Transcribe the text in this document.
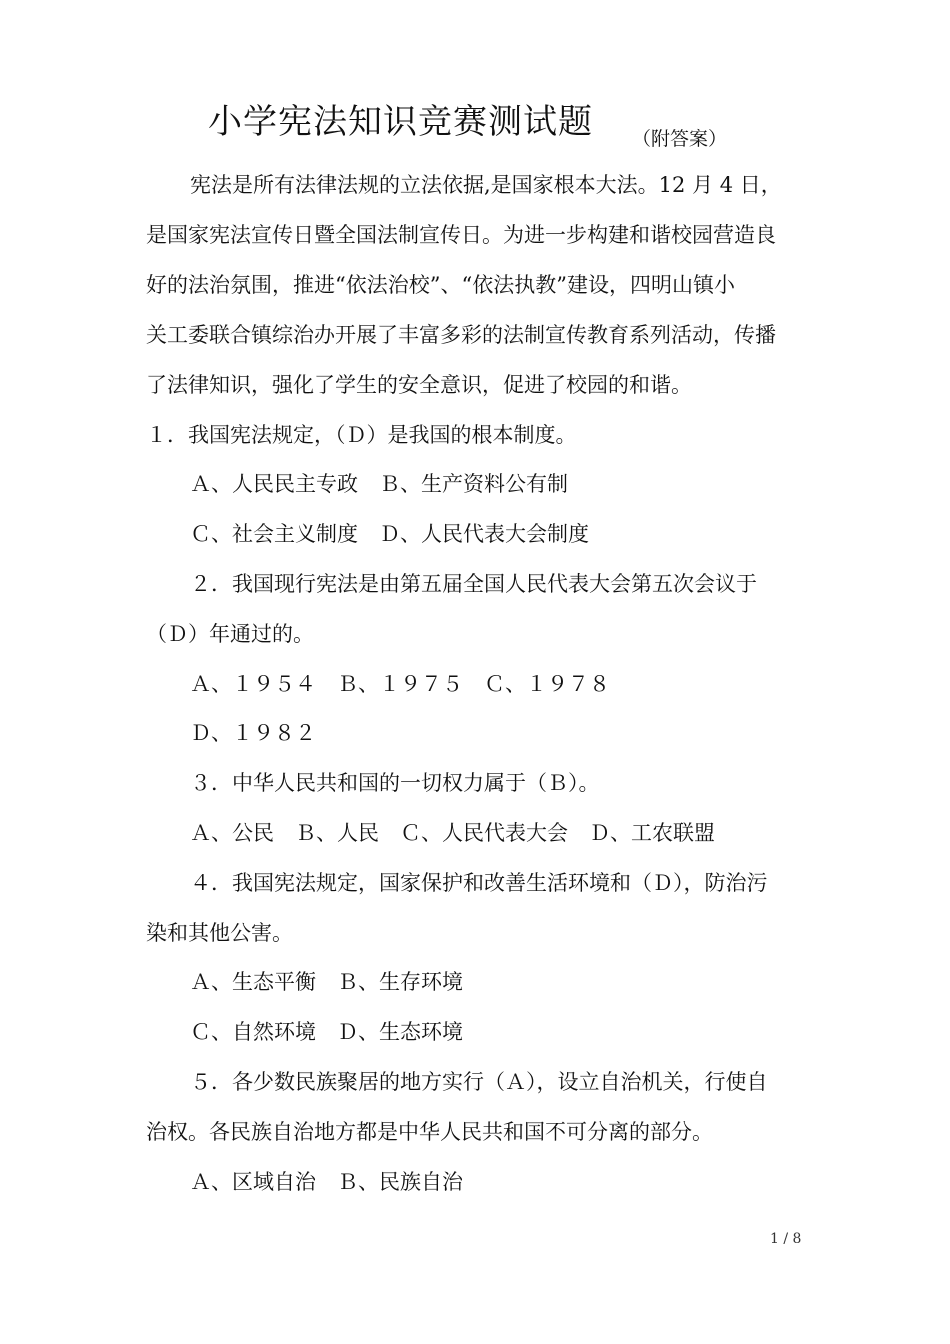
小学宪法知识竞赛测试题 （附答案）
宪法是所有法律法规的立法依据,是国家根本大法。12 月 4 日，
是国家宪法宣传日暨全国法制宣传日。为进一步构建和谐校园营造良
好的法治氛围，推进“依法治校”、“依法执教”建设，四明山镇小
关工委联合镇综治办开展了丰富多彩的法制宣传教育系列活动，传播
了法律知识，强化了学生的安全意识，促进了校园的和谐。
１．我国宪法规定，（Ｄ）是我国的根本制度。
Ａ、人民民主专政　Ｂ、生产资料公有制
Ｃ、社会主义制度　Ｄ、人民代表大会制度
２．我国现行宪法是由第五届全国人民代表大会第五次会议于
（Ｄ）年通过的。
Ａ、１９５４　Ｂ、１９７５　Ｃ、１９７８
Ｄ、１９８２
３．中华人民共和国的一切权力属于（Ｂ）。
Ａ、公民　Ｂ、人民　Ｃ、人民代表大会　Ｄ、工农联盟
４．我国宪法规定，国家保护和改善生活环境和（Ｄ），防治污
染和其他公害。
Ａ、生态平衡　Ｂ、生存环境
Ｃ、自然环境　Ｄ、生态环境
５．各少数民族聚居的地方实行（Ａ），设立自治机关，行使自
治权。各民族自治地方都是中华人民共和国不可分离的部分。
Ａ、区域自治　Ｂ、民族自治
1 / 8
